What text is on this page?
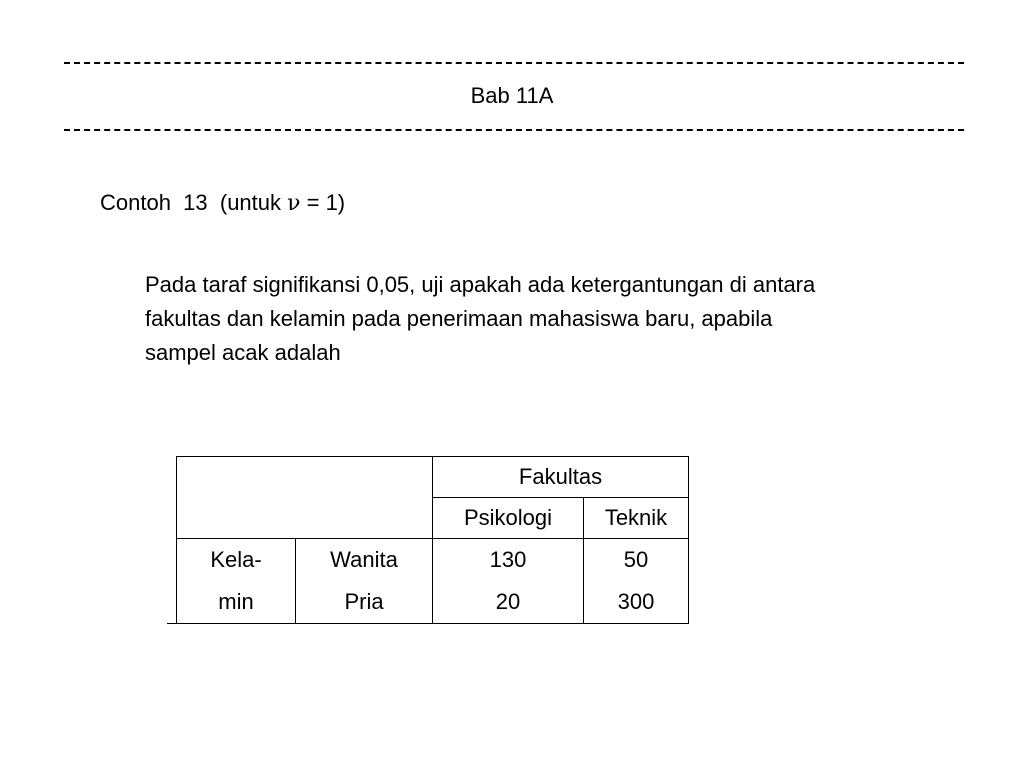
Bab 11A
Contoh  13  (untuk ν = 1)
Pada taraf signifikansi 0,05, uji apakah ada ketergantungan di antara
fakultas dan kelamin pada penerimaan mahasiswa baru, apabila
sampel acak adalah
		Fakultas	
		Psikologi	Teknik
Kela-	Wanita	130	50
min	Pria	20	300
